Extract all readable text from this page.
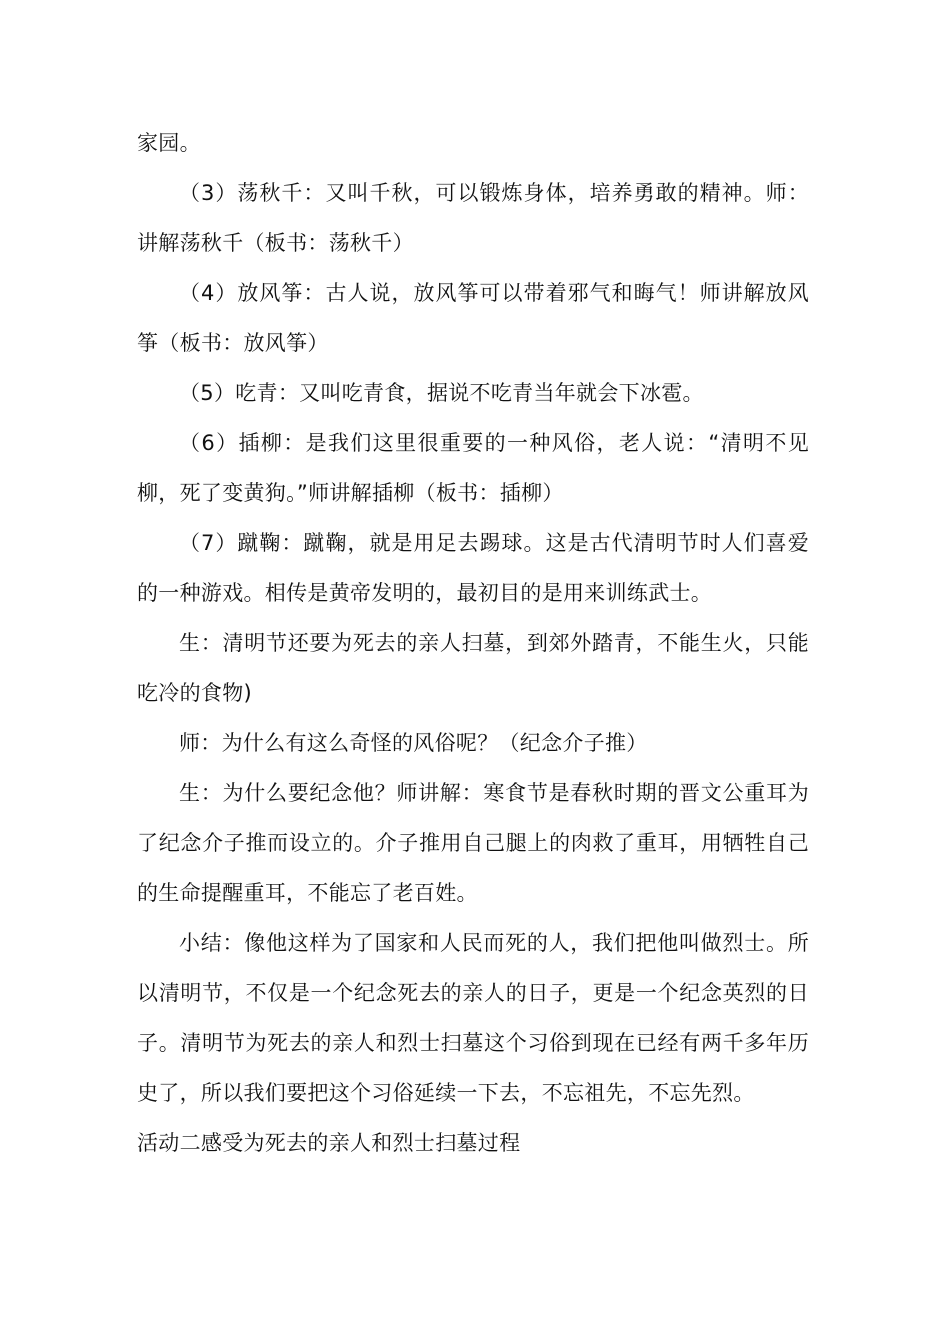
家园。

（3）荡秋千：又叫千秋，可以锻炼身体，培养勇敢的精神。师：讲解荡秋千（板书：荡秋千）

（4）放风筝：古人说，放风筝可以带着邪气和晦气！师讲解放风筝（板书：放风筝）

（5）吃青：又叫吃青食，据说不吃青当年就会下冰雹。

（6）插柳：是我们这里很重要的一种风俗，老人说：“清明不见柳，死了变黄狗。”师讲解插柳（板书：插柳）

（7）蹴鞠：蹴鞠，就是用足去踢球。这是古代清明节时人们喜爱的一种游戏。相传是黄帝发明的，最初目的是用来训练武士。

生：清明节还要为死去的亲人扫墓，到郊外踏青，不能生火，只能吃冷的食物)

师：为什么有这么奇怪的风俗呢？（纪念介子推）

生：为什么要纪念他？师讲解：寒食节是春秋时期的晋文公重耳为了纪念介子推而设立的。介子推用自己腿上的肉救了重耳，用牺牲自己的生命提醒重耳，不能忘了老百姓。

小结：像他这样为了国家和人民而死的人，我们把他叫做烈士。所以清明节，不仅是一个纪念死去的亲人的日子，更是一个纪念英烈的日子。清明节为死去的亲人和烈士扫墓这个习俗到现在已经有两千多年历史了，所以我们要把这个习俗延续一下去，不忘祖先，不忘先烈。

活动二感受为死去的亲人和烈士扫墓过程
